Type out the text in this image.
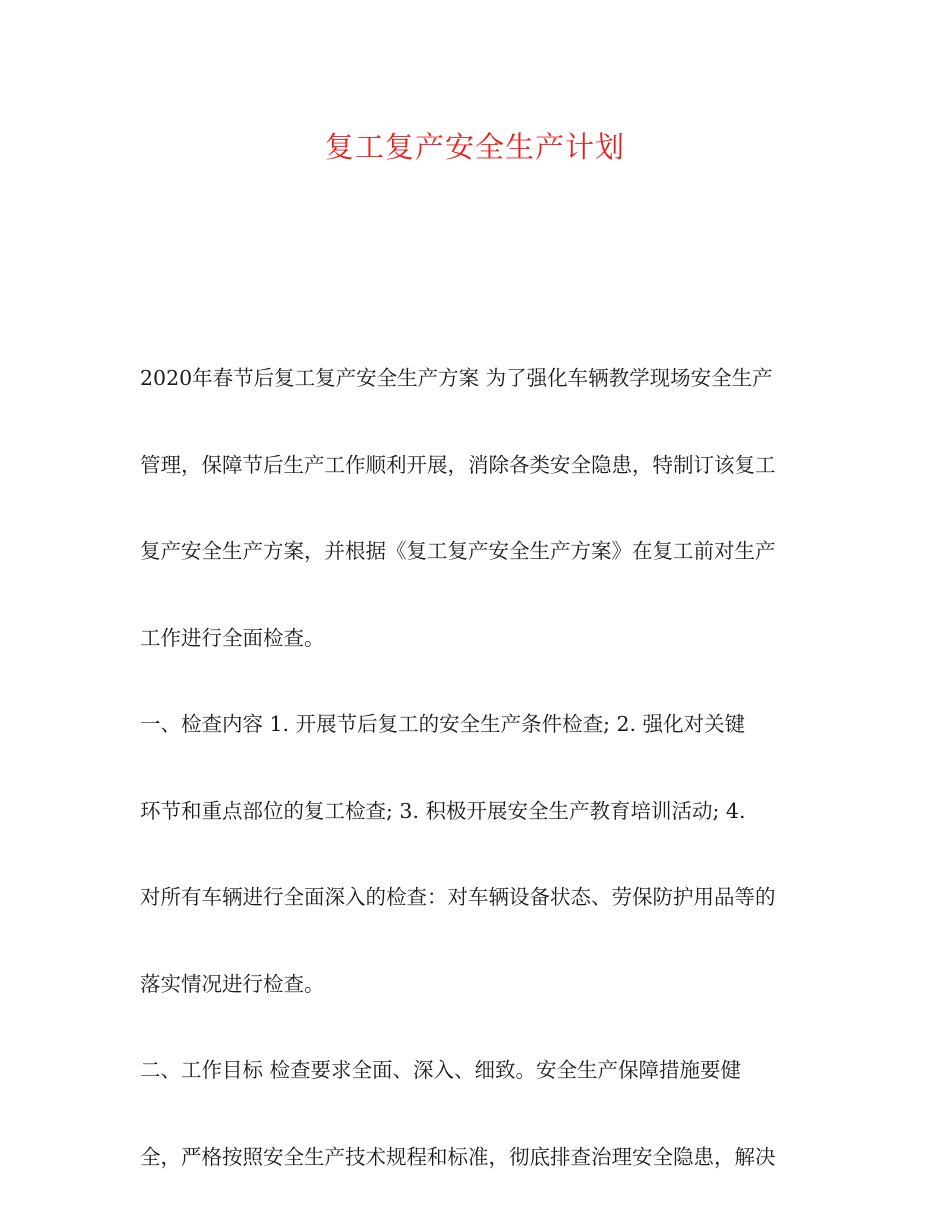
复工复产安全生产计划
2020年春节后复工复产安全生产方案 为了强化车辆教学现场安全生产
管理，保障节后生产工作顺利开展，消除各类安全隐患，特制订该复工
复产安全生产方案，并根据《复工复产安全生产方案》在复工前对生产
工作进行全面检查。
一、检查内容 1. 开展节后复工的安全生产条件检查; 2. 强化对关键
环节和重点部位的复工检查; 3. 积极开展安全生产教育培训活动; 4.
对所有车辆进行全面深入的检查：对车辆设备状态、劳保防护用品等的
落实情况进行检查。
二、工作目标 检查要求全面、深入、细致。安全生产保障措施要健
全，严格按照安全生产技术规程和标准，彻底排查治理安全隐患，解决
